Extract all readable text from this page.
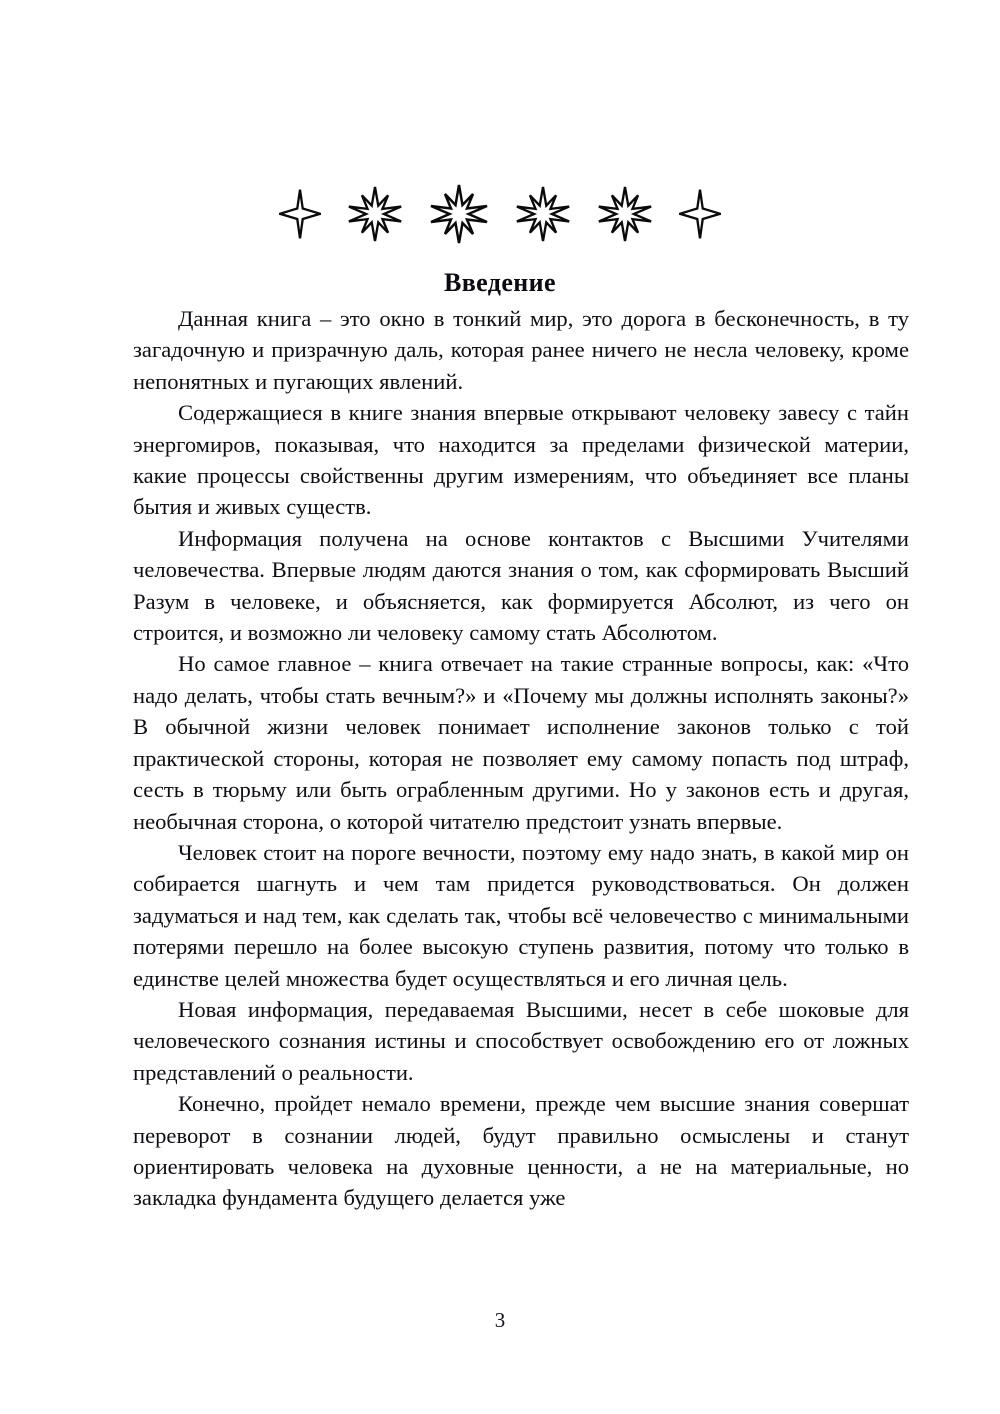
Введение

Данная книга – это окно в тонкий мир, это дорога в бесконечность, в ту загадочную и призрачную даль, которая ранее ничего не несла человеку, кроме непонятных и пугающих явлений.

Содержащиеся в книге знания впервые открывают человеку завесу с тайн энергомиров, показывая, что находится за пределами физической материи, какие процессы свойственны другим измерениям, что объединяет все планы бытия и живых существ.

Информация получена на основе контактов с Высшими Учителями человечества. Впервые людям даются знания о том, как сформировать Высший Разум в человеке, и объясняется, как формируется Абсолют, из чего он строится, и возможно ли человеку самому стать Абсолютом.

Но самое главное – книга отвечает на такие странные вопросы, как: «Что надо делать, чтобы стать вечным?» и «Почему мы должны исполнять законы?» В обычной жизни человек понимает исполнение законов только с той практической стороны, которая не позволяет ему самому попасть под штраф, сесть в тюрьму или быть ограбленным другими. Но у законов есть и другая, необычная сторона, о которой читателю предстоит узнать впервые.

Человек стоит на пороге вечности, поэтому ему надо знать, в какой мир он собирается шагнуть и чем там придется руководствоваться. Он должен задуматься и над тем, как сделать так, чтобы всё человечество с минимальными потерями перешло на более высокую ступень развития, потому что только в единстве целей множества будет осуществляться и его личная цель.

Новая информация, передаваемая Высшими, несет в себе шоковые для человеческого сознания истины и способствует освобождению его от ложных представлений о реальности.

Конечно, пройдет немало времени, прежде чем высшие знания совершат переворот в сознании людей, будут правильно осмыслены и станут ориентировать человека на духовные ценности, а не на материальные, но закладка фундамента будущего делается уже

3
